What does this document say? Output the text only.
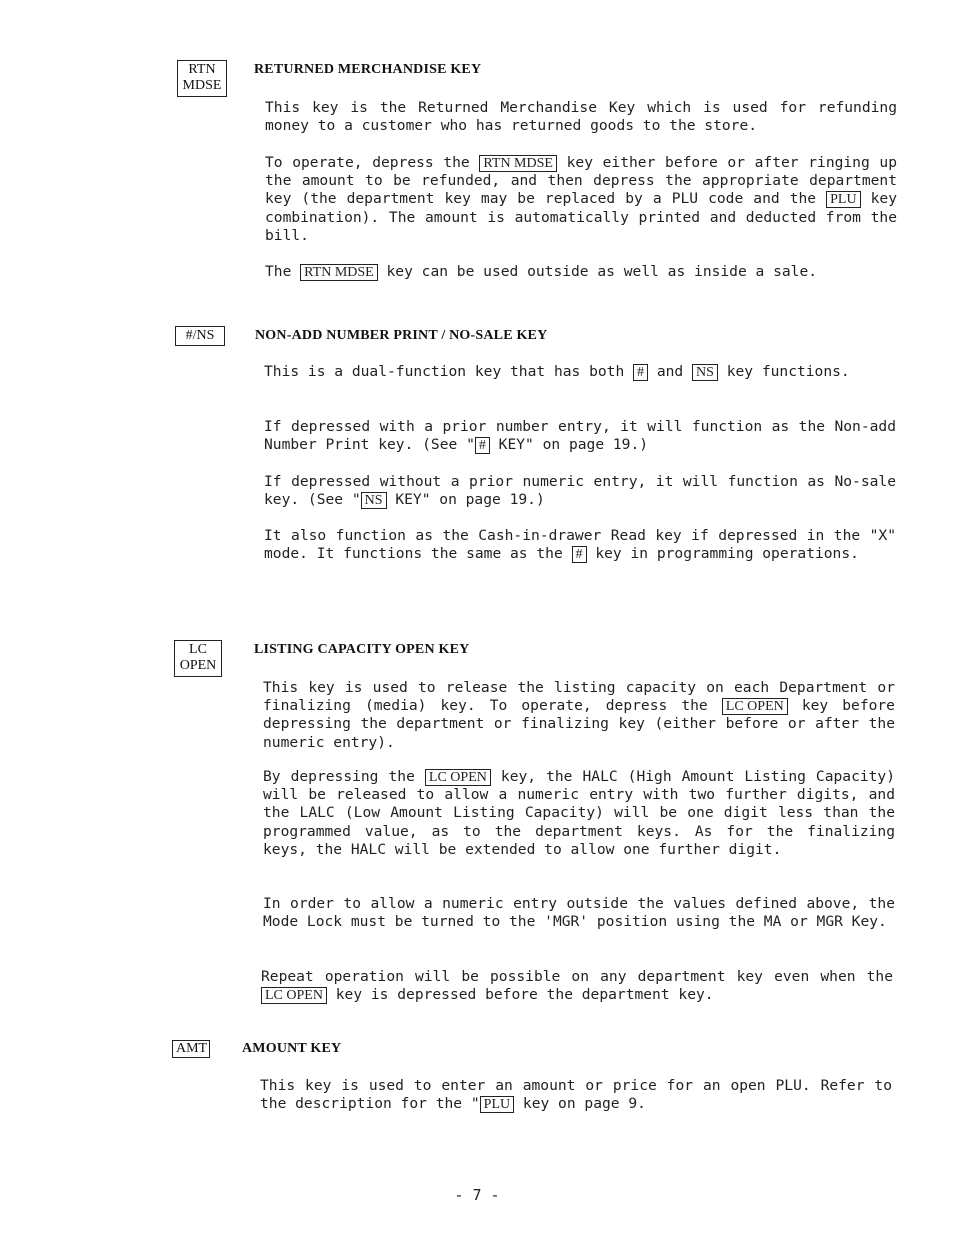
RTN
MDSE
RETURNED MERCHANDISE KEY

This key is the Returned Merchandise Key which is used for refunding money to a customer who has returned goods to the store.

To operate, depress the RTN MDSE key either before or after ringing up the amount to be refunded, and then depress the appropriate department key (the department key may be replaced by a PLU code and the PLU key combination). The amount is automatically printed and deducted from the bill.

The RTN MDSE key can be used outside as well as inside a sale.

#/NS	NON-ADD NUMBER PRINT / NO-SALE KEY

This is a dual-function key that has both # and NS key functions.

If depressed with a prior number entry, it will function as the Non-add Number Print key. (See " # KEY" on page 19.)

If depressed without a prior numeric entry, it will function as No-sale key. (See " NS KEY" on page 19.)

It also function as the Cash-in-drawer Read key if depressed in the "X" mode. It functions the same as the # key in programming operations.

LC
OPEN
LISTING CAPACITY OPEN KEY

This key is used to release the listing capacity on each Department or finalizing (media) key. To operate, depress the LC OPEN key before depressing the department or finalizing key (either before or after the numeric entry).

By depressing the LC OPEN key, the HALC (High Amount Listing Capacity) will be released to allow a numeric entry with two further digits, and the LALC (Low Amount Listing Capacity) will be one digit less than the programmed value, as to the department keys. As for the finalizing keys, the HALC will be extended to allow one further digit.

In order to allow a numeric entry outside the values defined above, the Mode Lock must be turned to the 'MGR' position using the MA or MGR Key.

Repeat operation will be possible on any department key even when the LC OPEN key is depressed before the department key.

AMT AMOUNT KEY

This key is used to enter an amount or price for an open PLU. Refer to the description for the " PLU key on page 9.

- 7 -
